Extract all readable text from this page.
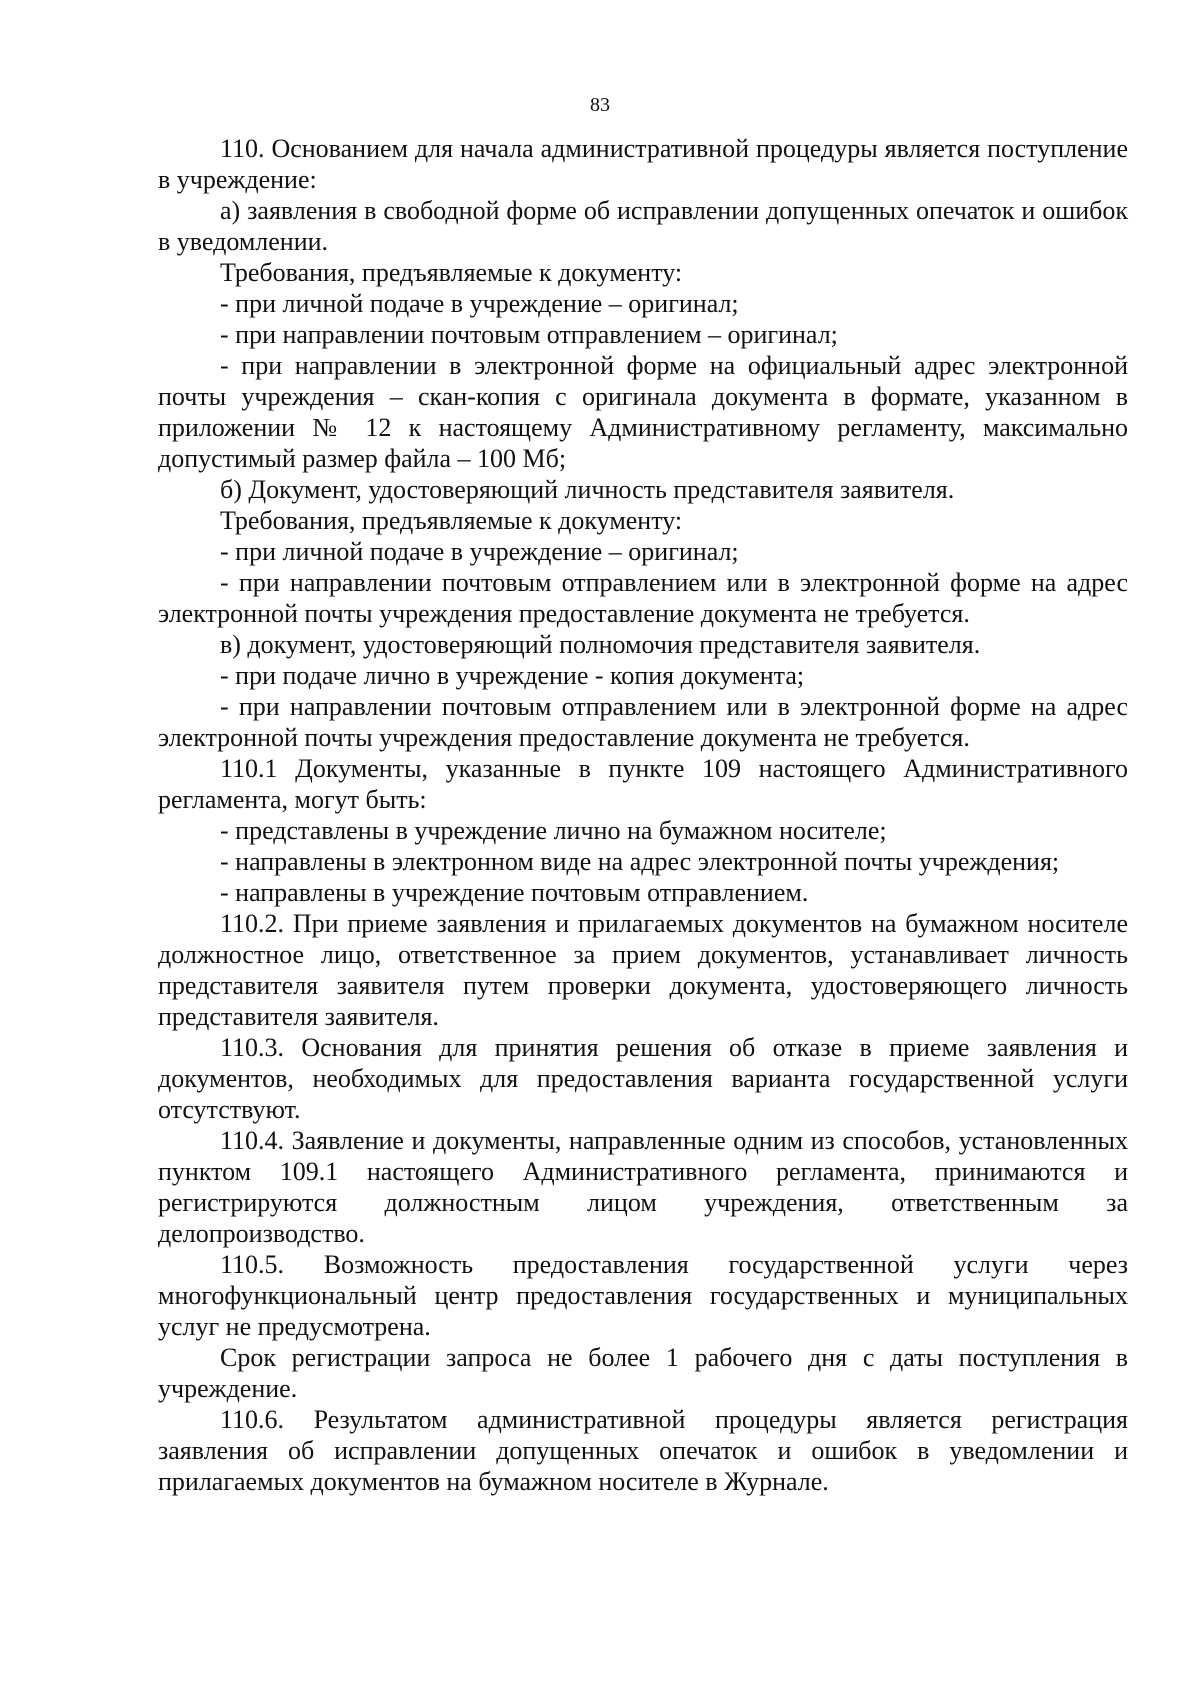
83

110. Основанием для начала административной процедуры является поступление в учреждение:

а) заявления в свободной форме об исправлении допущенных опечаток и ошибок в уведомлении.

Требования, предъявляемые к документу:

- при личной подаче в учреждение – оригинал;

- при направлении почтовым отправлением – оригинал;

- при направлении в электронной форме на официальный адрес электронной почты учреждения – скан-копия с оригинала документа в формате, указанном в приложении № 12 к настоящему Административному регламенту, максимально допустимый размер файла – 100 Мб;

б) Документ, удостоверяющий личность представителя заявителя.

Требования, предъявляемые к документу:

- при личной подаче в учреждение – оригинал;

- при направлении почтовым отправлением или в электронной форме на адрес электронной почты учреждения предоставление документа не требуется.

в) документ, удостоверяющий полномочия представителя заявителя.

- при подаче лично в учреждение - копия документа;

- при направлении почтовым отправлением или в электронной форме на адрес электронной почты учреждения предоставление документа не требуется.

110.1 Документы, указанные в пункте 109 настоящего Административного регламента, могут быть:

- представлены в учреждение лично на бумажном носителе;

- направлены в электронном виде на адрес электронной почты учреждения;

- направлены в учреждение почтовым отправлением.

110.2. При приеме заявления и прилагаемых документов на бумажном носителе должностное лицо, ответственное за прием документов, устанавливает личность представителя заявителя путем проверки документа, удостоверяющего личность представителя заявителя.

110.3. Основания для принятия решения об отказе в приеме заявления и документов, необходимых для предоставления варианта государственной услуги отсутствуют.

110.4. Заявление и документы, направленные одним из способов, установленных пунктом 109.1 настоящего Административного регламента, принимаются и регистрируются должностным лицом учреждения, ответственным за делопроизводство.

110.5. Возможность предоставления государственной услуги через многофункциональный центр предоставления государственных и муниципальных услуг не предусмотрена.

Срок регистрации запроса не более 1 рабочего дня с даты поступления в учреждение.

110.6. Результатом административной процедуры является регистрация заявления об исправлении допущенных опечаток и ошибок в уведомлении и прилагаемых документов на бумажном носителе в Журнале.
